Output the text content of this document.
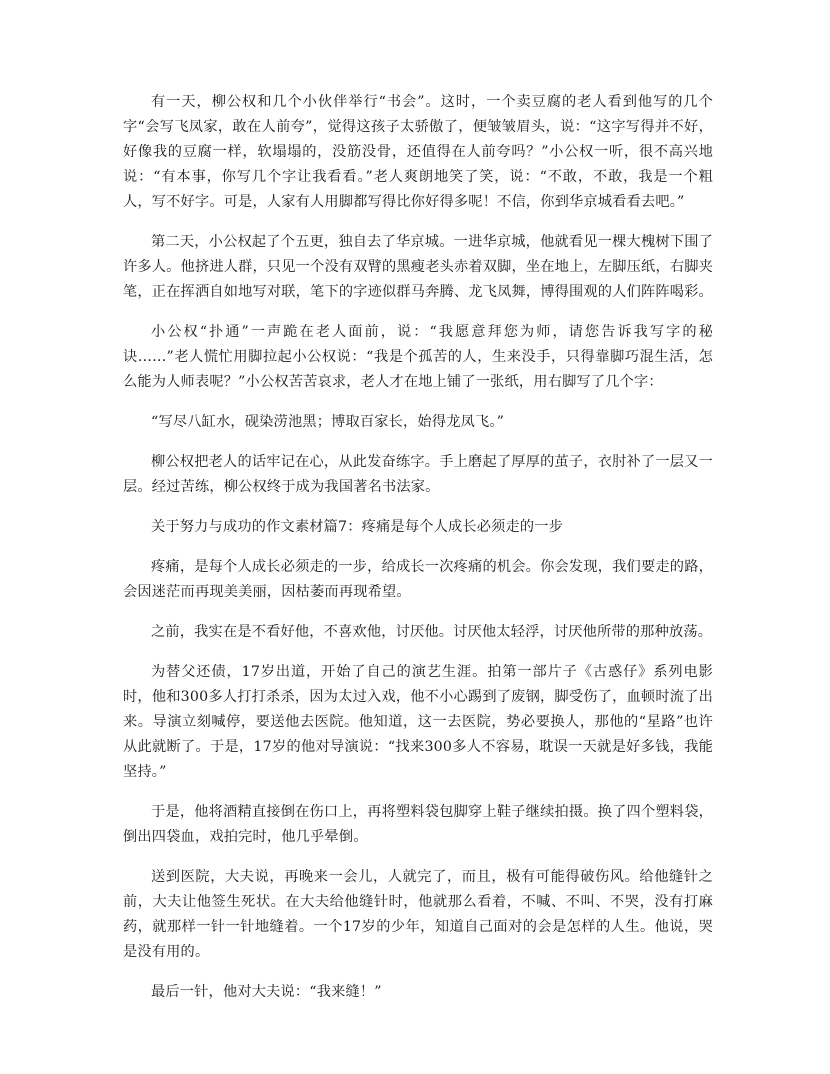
有一天，柳公权和几个小伙伴举行“书会”。这时，一个卖豆腐的老人看到他写的几个字“会写飞凤家，敢在人前夸”，觉得这孩子太骄傲了，便皱皱眉头，说：“这字写得并不好，好像我的豆腐一样，软塌塌的，没筋没骨，还值得在人前夸吗？”小公权一听，很不高兴地说：“有本事，你写几个字让我看看。”老人爽朗地笑了笑，说：“不敢，不敢，我是一个粗人，写不好字。可是，人家有人用脚都写得比你好得多呢！不信，你到华京城看看去吧。”

第二天，小公权起了个五更，独自去了华京城。一进华京城，他就看见一棵大槐树下围了许多人。他挤进人群，只见一个没有双臂的黑瘦老头赤着双脚，坐在地上，左脚压纸，右脚夹笔，正在挥洒自如地写对联，笔下的字迹似群马奔腾、龙飞凤舞，博得围观的人们阵阵喝彩。

小公权“扑通”一声跪在老人面前，说：“我愿意拜您为师，请您告诉我写字的秘诀……”老人慌忙用脚拉起小公权说：“我是个孤苦的人，生来没手，只得靠脚巧混生活，怎么能为人师表呢？”小公权苦苦哀求，老人才在地上铺了一张纸，用右脚写了几个字：

“写尽八缸水，砚染涝池黑；博取百家长，始得龙凤飞。”

柳公权把老人的话牢记在心，从此发奋练字。手上磨起了厚厚的茧子，衣肘补了一层又一层。经过苦练，柳公权终于成为我国著名书法家。

关于努力与成功的作文素材篇7：疼痛是每个人成长必须走的一步

疼痛，是每个人成长必须走的一步，给成长一次疼痛的机会。你会发现，我们要走的路，会因迷茫而再现美美丽，因枯萎而再现希望。

之前，我实在是不看好他，不喜欢他，讨厌他。讨厌他太轻浮，讨厌他所带的那种放荡。

为替父还债，17岁出道，开始了自己的演艺生涯。拍第一部片子《古惑仔》系列电影时，他和300多人打打杀杀，因为太过入戏，他不小心踢到了废钢，脚受伤了，血顿时流了出来。导演立刻喊停，要送他去医院。他知道，这一去医院，势必要换人，那他的“星路”也许从此就断了。于是，17岁的他对导演说：“找来300多人不容易，耽误一天就是好多钱，我能坚持。”

于是，他将酒精直接倒在伤口上，再将塑料袋包脚穿上鞋子继续拍摄。换了四个塑料袋，倒出四袋血，戏拍完时，他几乎晕倒。

送到医院，大夫说，再晚来一会儿，人就完了，而且，极有可能得破伤风。给他缝针之前，大夫让他签生死状。在大夫给他缝针时，他就那么看着，不喊、不叫、不哭，没有打麻药，就那样一针一针地缝着。一个17岁的少年，知道自己面对的会是怎样的人生。他说，哭是没有用的。

最后一针，他对大夫说：“我来缝！”
